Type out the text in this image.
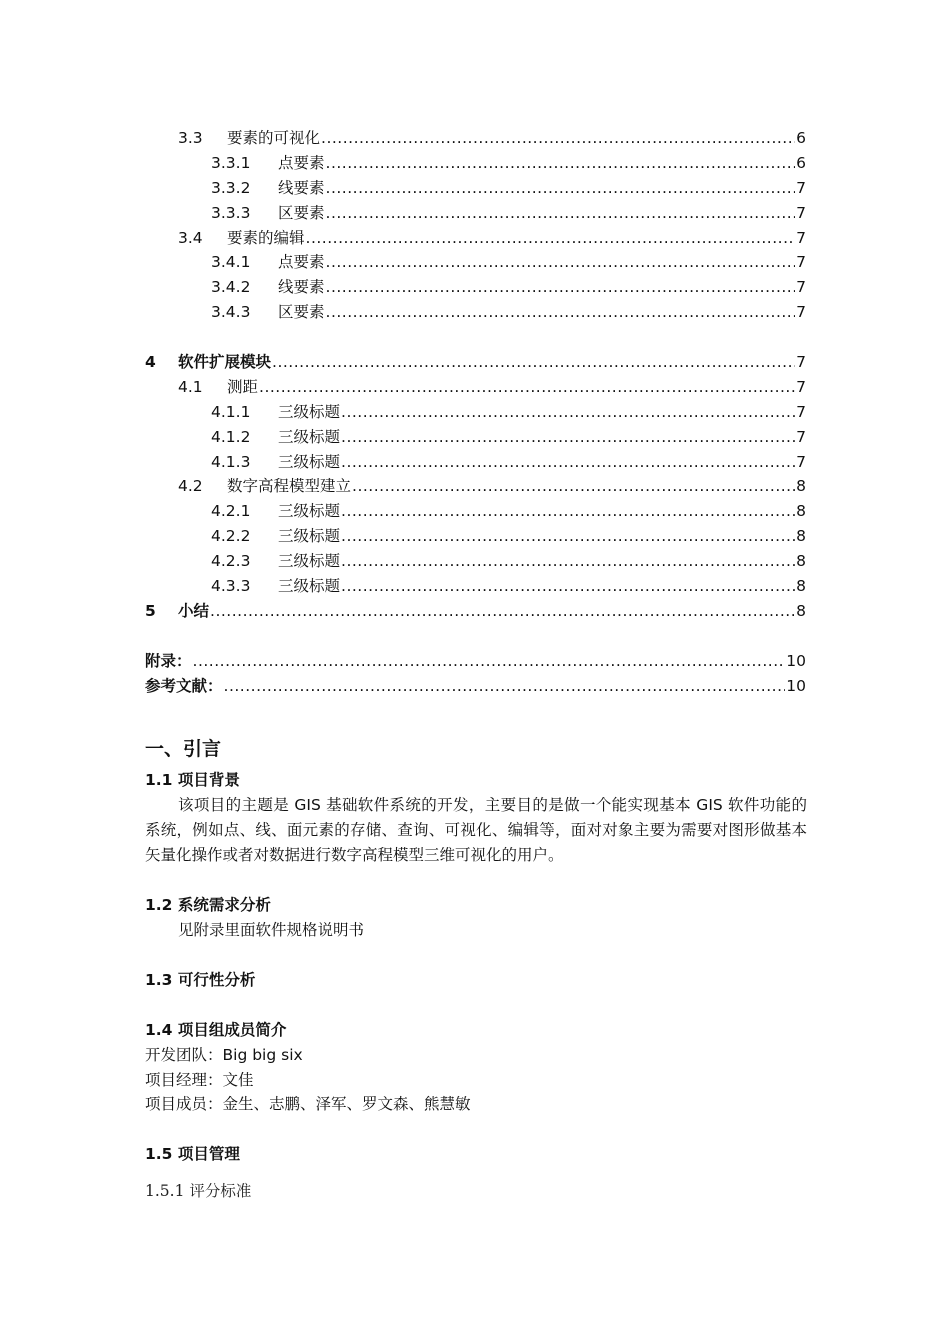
3.3	要素的可视化 .....	6
3.3.1	点要素 .....	6
3.3.2	线要素 .....	7
3.3.3	区要素 .....	7
3.4	要素的编辑 .....	7
3.4.1	点要素 .....	7
3.4.2	线要素 .....	7
3.4.3	区要素 .....	7
4	软件扩展模块 .....	7
4.1	测距 .....	7
4.1.1	三级标题 .....	7
4.1.2	三级标题 .....	7
4.1.3	三级标题 .....	7
4.2	数字高程模型建立 .....	8
4.2.1	三级标题 .....	8
4.2.2	三级标题 .....	8
4.2.3	三级标题 .....	8
4.3.3	三级标题 .....	8
5	小结 .....	8
附录： .....	10
参考文献： .....	10
一、引言
1.1 项目背景
该项目的主题是 GIS 基础软件系统的开发，主要目的是做一个能实现基本 GIS 软件功能的系统，例如点、线、面元素的存储、查询、可视化、编辑等，面对对象主要为需要对图形做基本矢量化操作或者对数据进行数字高程模型三维可视化的用户。
1.2 系统需求分析
见附录里面软件规格说明书
1.3 可行性分析
1.4 项目组成员简介
开发团队：Big big six
项目经理：文佳
项目成员：金生、志鹏、泽军、罗文森、熊慧敏
1.5 项目管理
1.5.1 评分标准
